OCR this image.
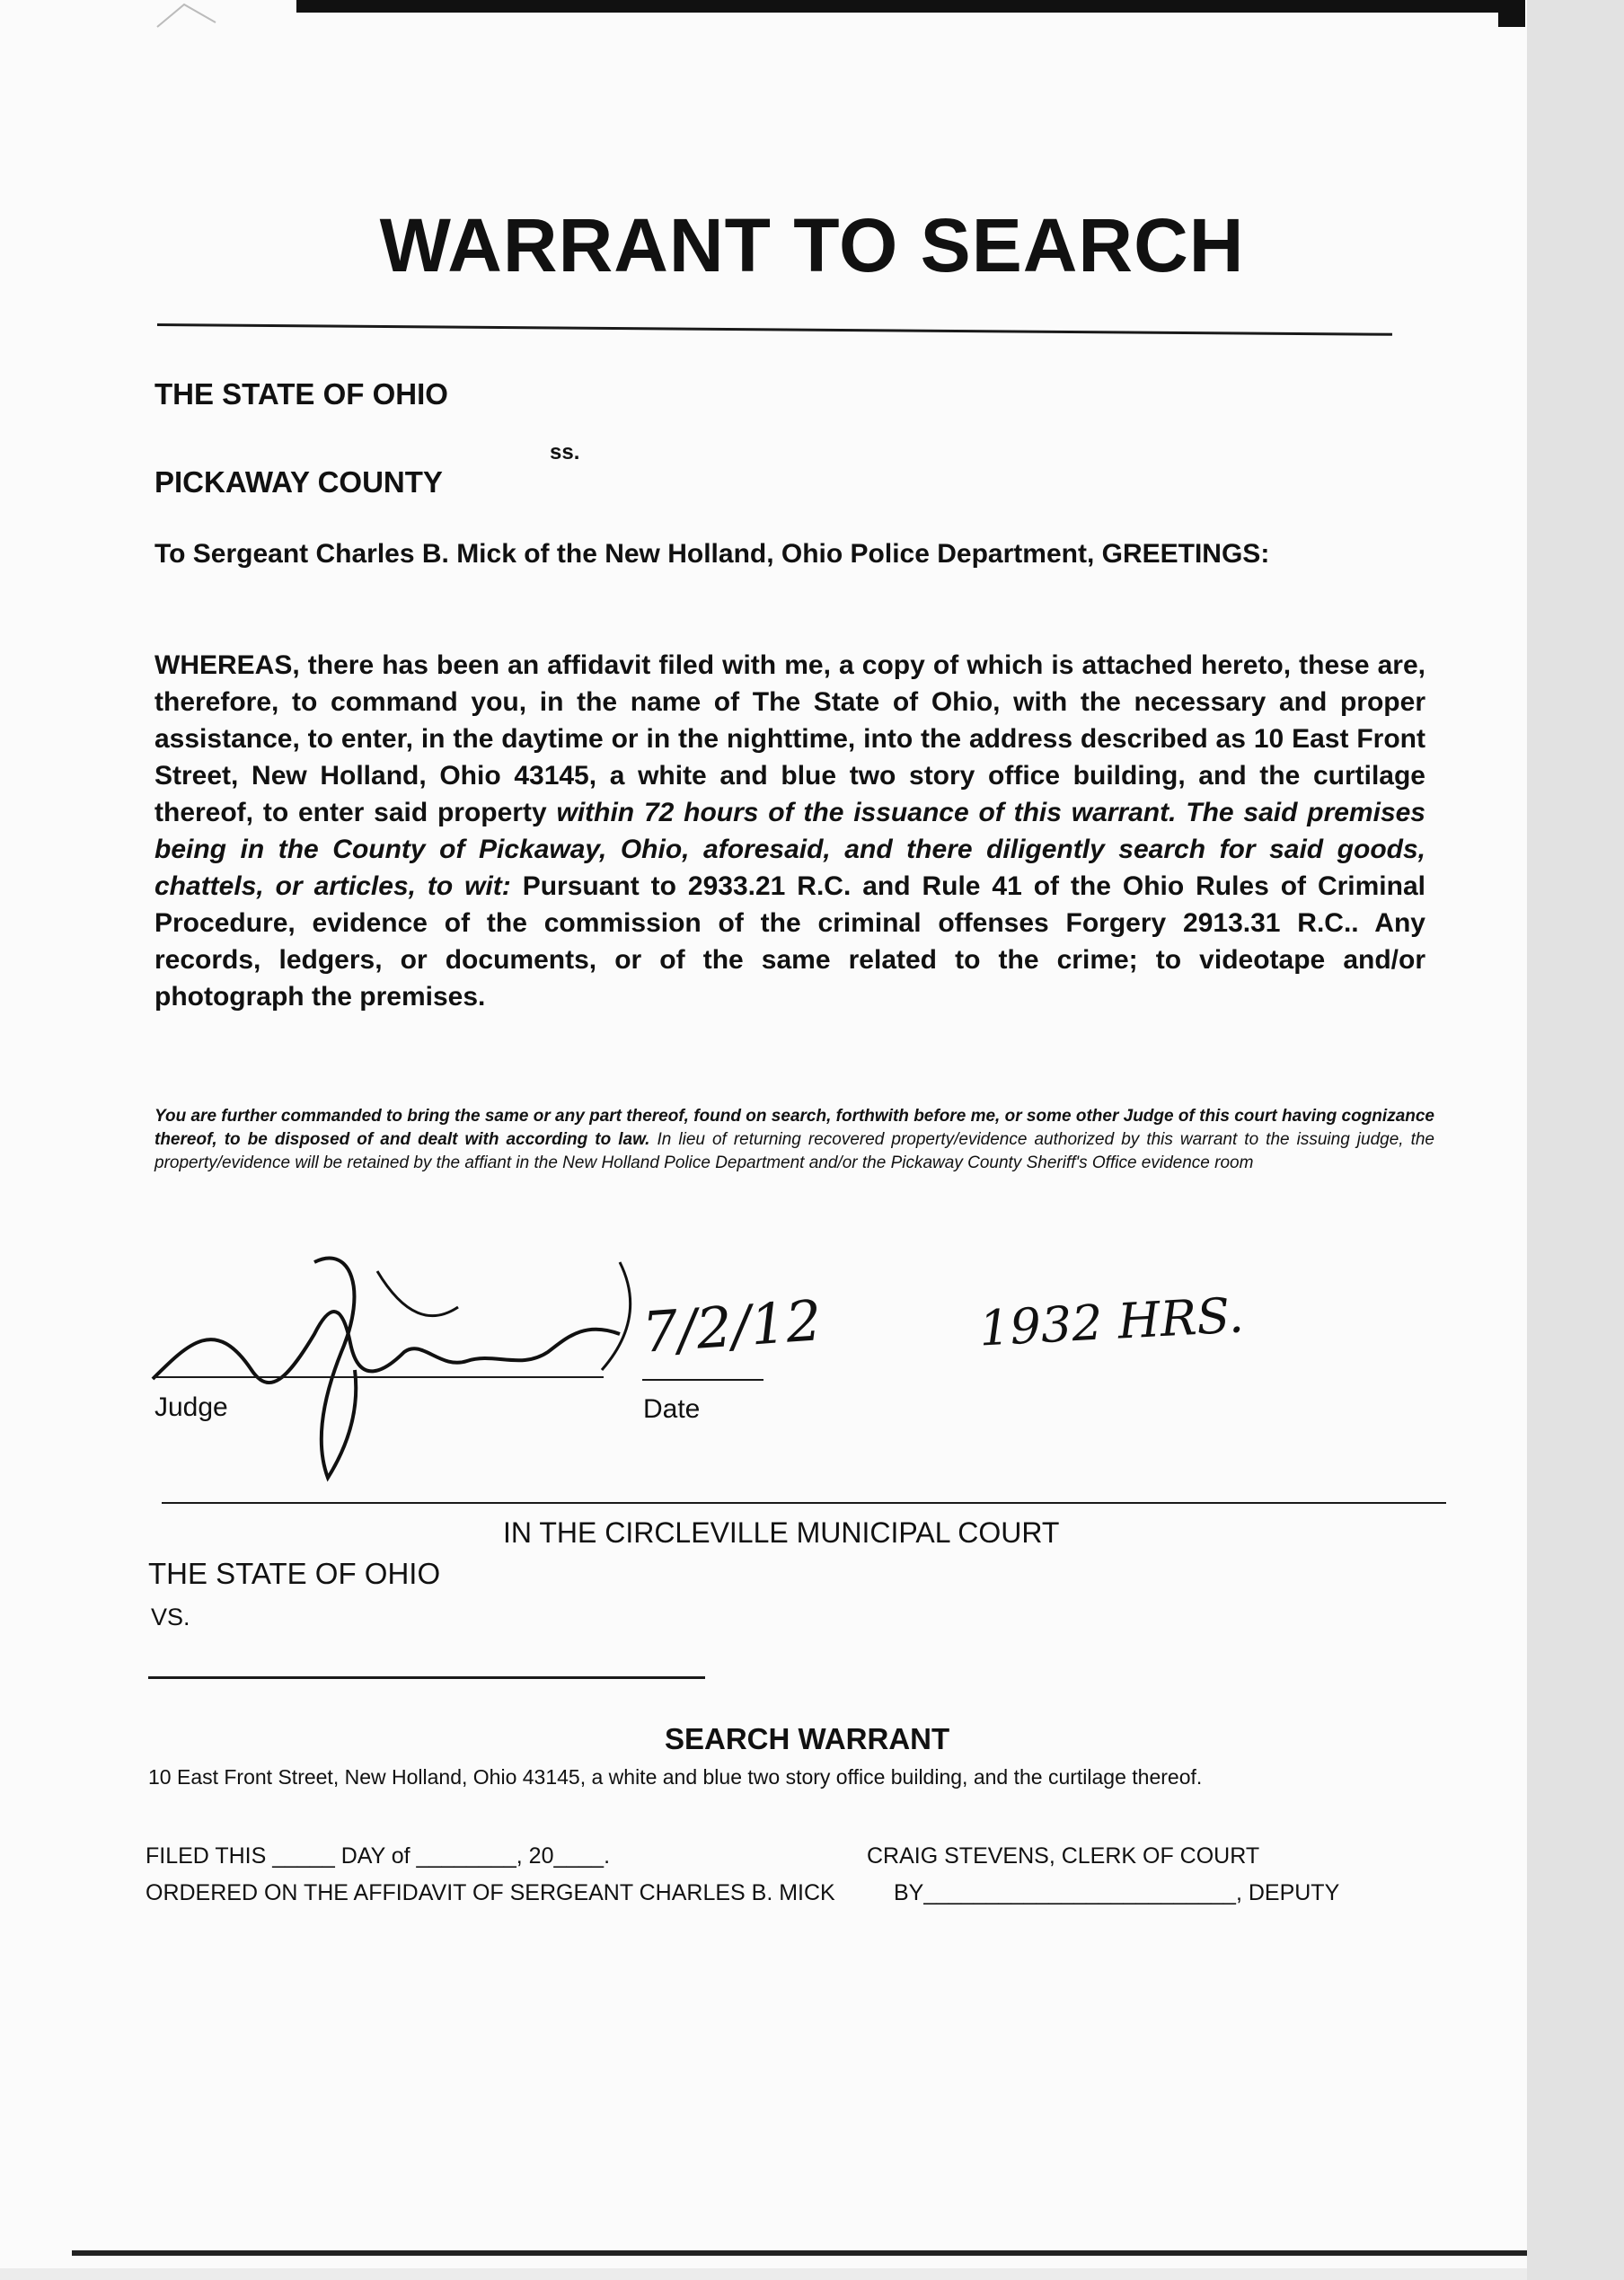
WARRANT TO SEARCH
THE STATE OF OHIO
ss.
PICKAWAY COUNTY
To Sergeant Charles B. Mick of the New Holland, Ohio Police Department, GREETINGS:
WHEREAS, there has been an affidavit filed with me, a copy of which is attached hereto, these are, therefore, to command you, in the name of The State of Ohio, with the necessary and proper assistance, to enter, in the daytime or in the nighttime, into the address described as 10 East Front Street, New Holland, Ohio 43145, a white and blue two story office building, and the curtilage thereof, to enter said property within 72 hours of the issuance of this warrant. The said premises being in the County of Pickaway, Ohio, aforesaid, and there diligently search for said goods, chattels, or articles, to wit: Pursuant to 2933.21 R.C. and Rule 41 of the Ohio Rules of Criminal Procedure, evidence of the commission of the criminal offenses Forgery 2913.31 R.C.. Any records, ledgers, or documents, or of the same related to the crime; to videotape and/or photograph the premises.
You are further commanded to bring the same or any part thereof, found on search, forthwith before me, or some other Judge of this court having cognizance thereof, to be disposed of and dealt with according to law. In lieu of returning recovered property/evidence authorized by this warrant to the issuing judge, the property/evidence will be retained by the affiant in the New Holland Police Department and/or the Pickaway County Sheriff's Office evidence room
Judge
7/2/12	1932 HRS.
Date
IN THE CIRCLEVILLE MUNICIPAL COURT
THE STATE OF OHIO
VS.
SEARCH WARRANT
10 East Front Street, New Holland, Ohio 43145, a white and blue two story office building, and the curtilage thereof.
FILED THIS _____ DAY of ________, 20____.	CRAIG STEVENS, CLERK OF COURT
ORDERED ON THE AFFIDAVIT OF SERGEANT CHARLES B. MICK	BY_________________________, DEPUTY
